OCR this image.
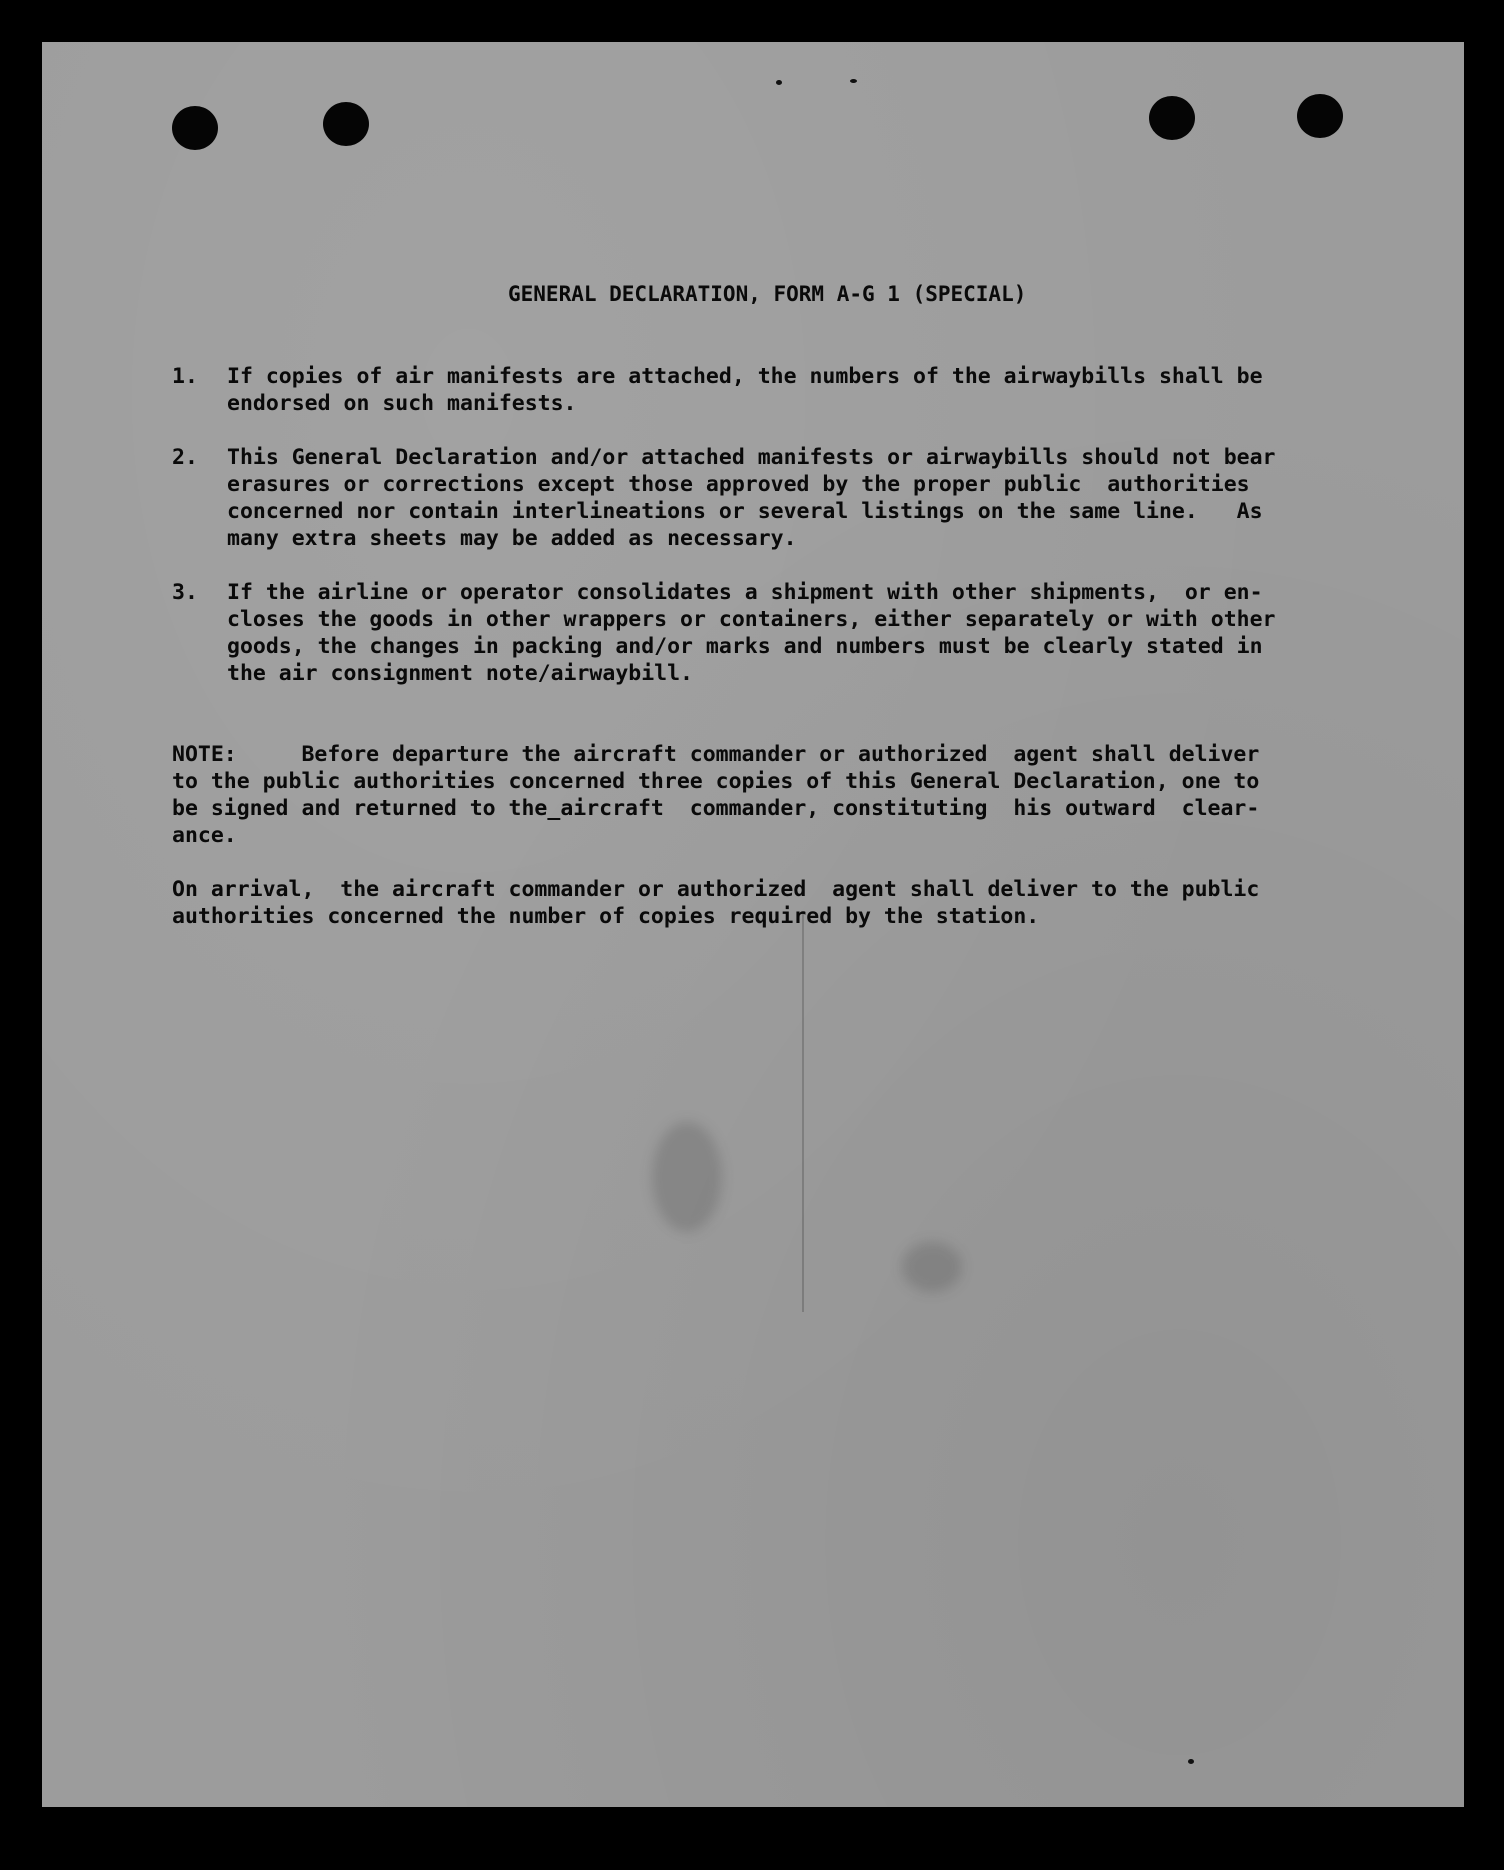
GENERAL DECLARATION, FORM A-G 1 (SPECIAL)
1. If copies of air manifests are attached, the numbers of the airwaybills shall be
endorsed on such manifests.
2. This General Declaration and/or attached manifests or airwaybills should not bear
erasures or corrections except those approved by the proper public  authorities
concerned nor contain interlineations or several listings on the same line.   As
many extra sheets may be added as necessary.
3. If the airline or operator consolidates a shipment with other shipments,  or en-
closes the goods in other wrappers or containers, either separately or with other
goods, the changes in packing and/or marks and numbers must be clearly stated in
the air consignment note/airwaybill.
NOTE:     Before departure the aircraft commander or authorized  agent shall deliver
to the public authorities concerned three copies of this General Declaration, one to
be signed and returned to the_aircraft  commander, constituting  his outward  clear-
ance.
On arrival,  the aircraft commander or authorized  agent shall deliver to the public
authorities concerned the number of copies required by the station.
